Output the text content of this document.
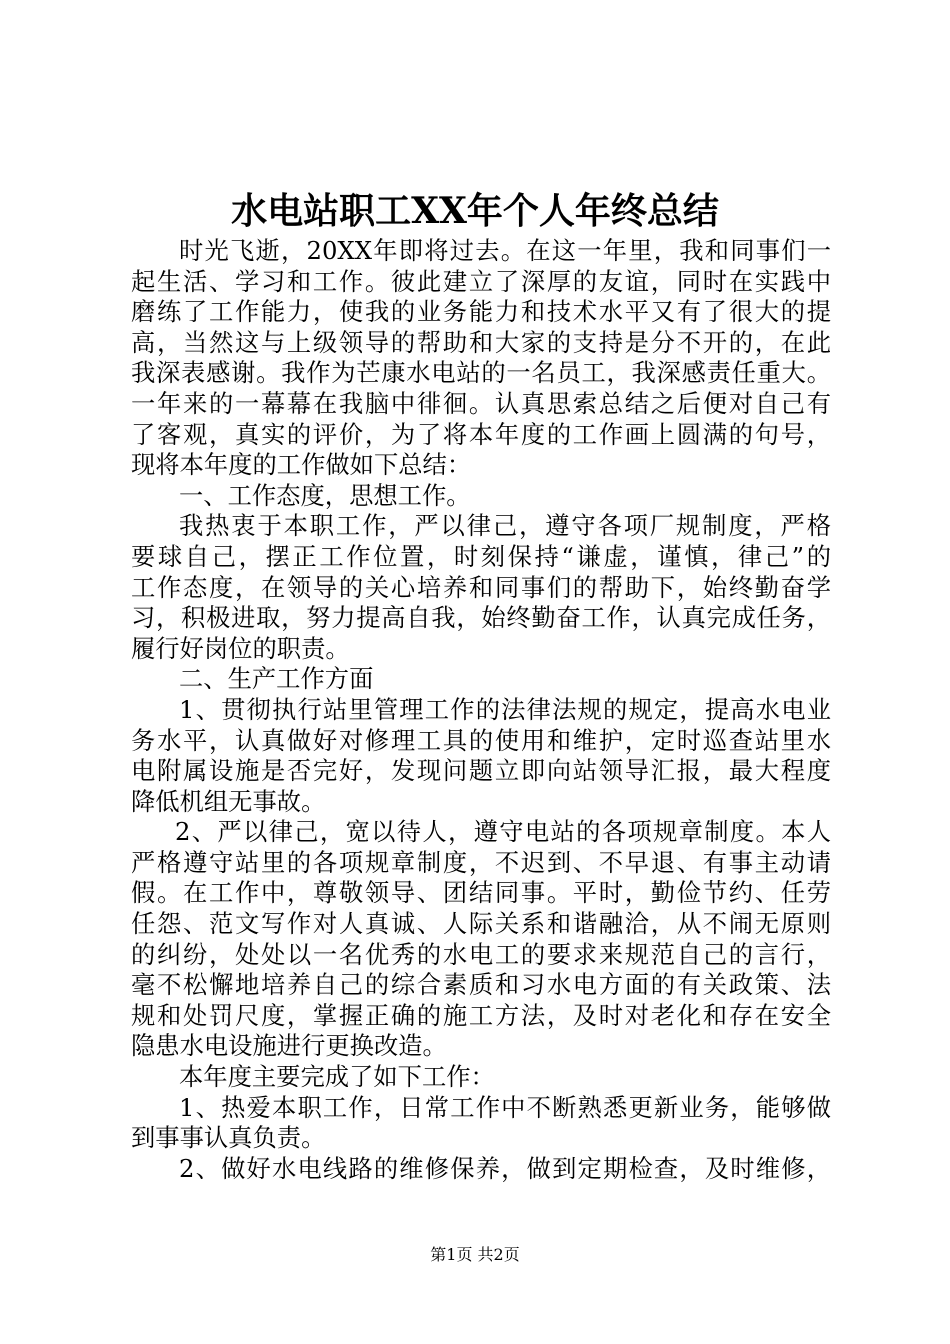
水电站职工XX年个人年终总结

时光飞逝，20XX年即将过去。在这一年里，我和同事们一

起生活、学习和工作。彼此建立了深厚的友谊，同时在实践中

磨练了工作能力，使我的业务能力和技术水平又有了很大的提

高，当然这与上级领导的帮助和大家的支持是分不开的，在此

我深表感谢。我作为芒康水电站的一名员工，我深感责任重大。

一年来的一幕幕在我脑中徘徊。认真思索总结之后便对自己有

了客观，真实的评价，为了将本年度的工作画上圆满的句号，

现将本年度的工作做如下总结：

一、工作态度，思想工作。

我热衷于本职工作，严以律己，遵守各项厂规制度，严格

要球自己，摆正工作位置，时刻保持“谦虚，谨慎，律己”的

工作态度，在领导的关心培养和同事们的帮助下，始终勤奋学

习，积极进取，努力提高自我，始终勤奋工作，认真完成任务，

履行好岗位的职责。

二、生产工作方面

1、贯彻执行站里管理工作的法律法规的规定，提高水电业

务水平，认真做好对修理工具的使用和维护，定时巡查站里水

电附属设施是否完好，发现问题立即向站领导汇报，最大程度

降低机组无事故。

2、严以律己，宽以待人，遵守电站的各项规章制度。本人

严格遵守站里的各项规章制度，不迟到、不早退、有事主动请

假。在工作中，尊敬领导、团结同事。平时，勤俭节约、任劳

任怨、范文写作对人真诚、人际关系和谐融洽，从不闹无原则

的纠纷，处处以一名优秀的水电工的要求来规范自己的言行，

毫不松懈地培养自己的综合素质和习水电方面的有关政策、法

规和处罚尺度，掌握正确的施工方法，及时对老化和存在安全

隐患水电设施进行更换改造。

本年度主要完成了如下工作：

1、热爱本职工作，日常工作中不断熟悉更新业务，能够做

到事事认真负责。

2、做好水电线路的维修保养，做到定期检查，及时维修，

第1页 共2页
